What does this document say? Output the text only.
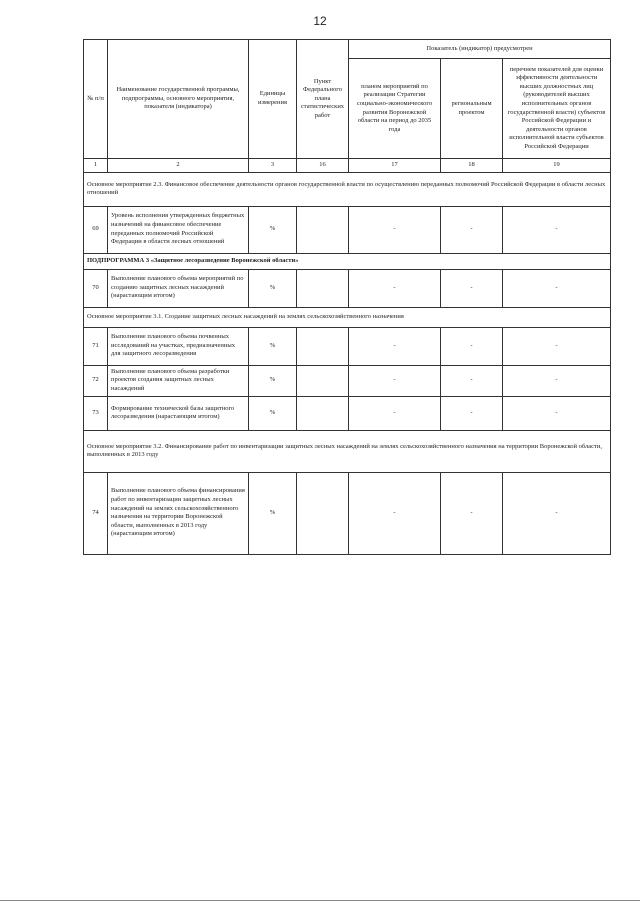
12
№ п/п	Наименование государственной программы, подпрограммы, основного мероприятия, показателя (индикатора)	Единицы измерения	Пункт Федерального плана статистических работ	Показатель (индикатор) предусмотрен		
				планом мероприятий по реализации Стратегии социально-экономического развития Воронежской области на период до 2035 года	региональным проектом	перечнем показателей для оценки эффективности деятельности высших должностных лиц (руководителей высших исполнительных органов государственной власти) субъектов Российской Федерации и деятельности органов исполнительной власти субъектов Российской Федерации
1	2	3	16	17	18	19
Основное мероприятие 2.3. Финансовое обеспечение деятельности органов государственной власти по осуществлению переданных полномочий Российской Федерации в области лесных отношений						
69	Уровень исполнения утвержденных бюджетных назначений на финансовое обеспечение переданных полномочий Российской Федерации в области лесных отношений	%		-	-	-
ПОДПРОГРАММА 3 «Защитное лесоразведение Воронежской области»						
70	Выполнение планового объема мероприятий по созданию защитных лесных насаждений (нарастающим итогом)	%		-	-	-
Основное мероприятие 3.1. Создание защитных лесных насаждений на землях сельскохозяйственного назначения						
71	Выполнение планового объема почвенных исследований на участках, предназначенных для защитного лесоразведения	%		-	-	-
72	Выполнение планового объема разработки проектов создания защитных лесных насаждений	%		-	-	-
73	Формирование технической базы защитного лесоразведения (нарастающим итогом)	%		-	-	-
Основное мероприятие 3.2. Финансирование работ по инвентаризации защитных лесных насаждений на землях сельскохозяйственного назначения на территории Воронежской области, выполненных в 2013 году						
74	Выполнение планового объема финансирования работ по инвентаризации защитных лесных насаждений на землях сельскохозяйственного назначения на территории Воронежской области, выполненных в 2013 году (нарастающим итогом)	%		-	-	-
